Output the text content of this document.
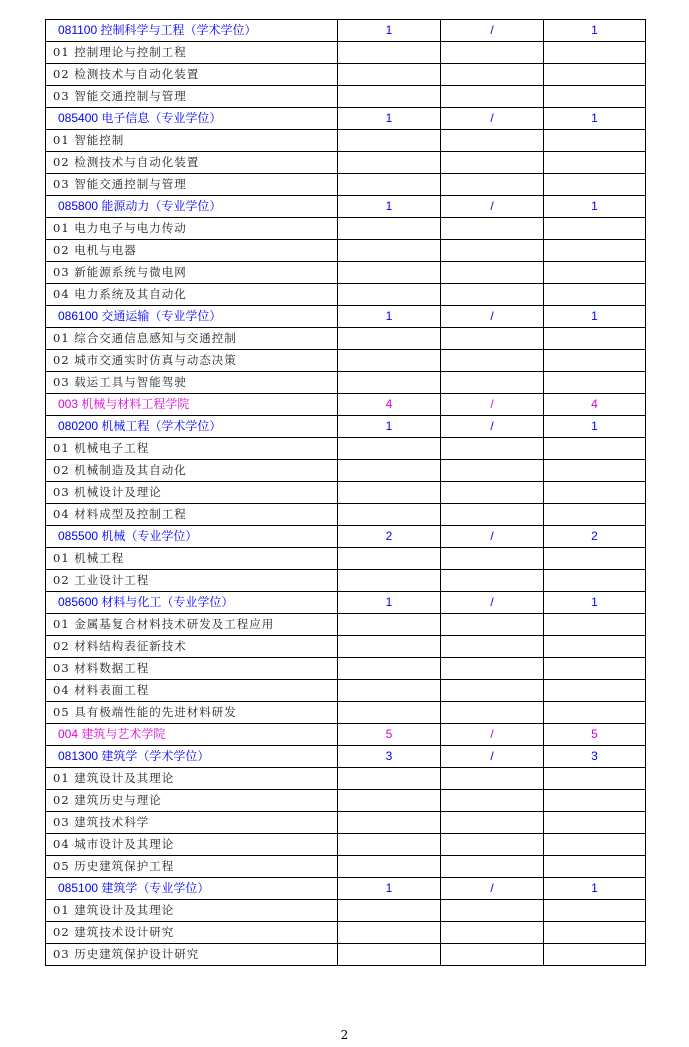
081100 控制科学与工程（学术学位）	1	/	1
01 控制理论与控制工程			
02 检测技术与自动化装置			
03 智能交通控制与管理			
085400 电子信息（专业学位）	1	/	1
01 智能控制			
02 检测技术与自动化装置			
03 智能交通控制与管理			
085800 能源动力（专业学位）	1	/	1
01 电力电子与电力传动			
02 电机与电器			
03 新能源系统与微电网			
04 电力系统及其自动化			
086100 交通运输（专业学位）	1	/	1
01 综合交通信息感知与交通控制			
02 城市交通实时仿真与动态决策			
03 载运工具与智能驾驶			
003 机械与材料工程学院	4	/	4
080200 机械工程（学术学位）	1	/	1
01 机械电子工程			
02 机械制造及其自动化			
03 机械设计及理论			
04 材料成型及控制工程			
085500 机械（专业学位）	2	/	2
01 机械工程			
02 工业设计工程			
085600 材料与化工（专业学位）	1	/	1
01 金属基复合材料技术研发及工程应用			
02 材料结构表征新技术			
03 材料数据工程			
04 材料表面工程			
05 具有极端性能的先进材料研发			
004 建筑与艺术学院	5	/	5
081300 建筑学（学术学位）	3	/	3
01 建筑设计及其理论			
02 建筑历史与理论			
03 建筑技术科学			
04 城市设计及其理论			
05 历史建筑保护工程			
085100 建筑学（专业学位）	1	/	1
01 建筑设计及其理论			
02 建筑技术设计研究			
03 历史建筑保护设计研究			
2
